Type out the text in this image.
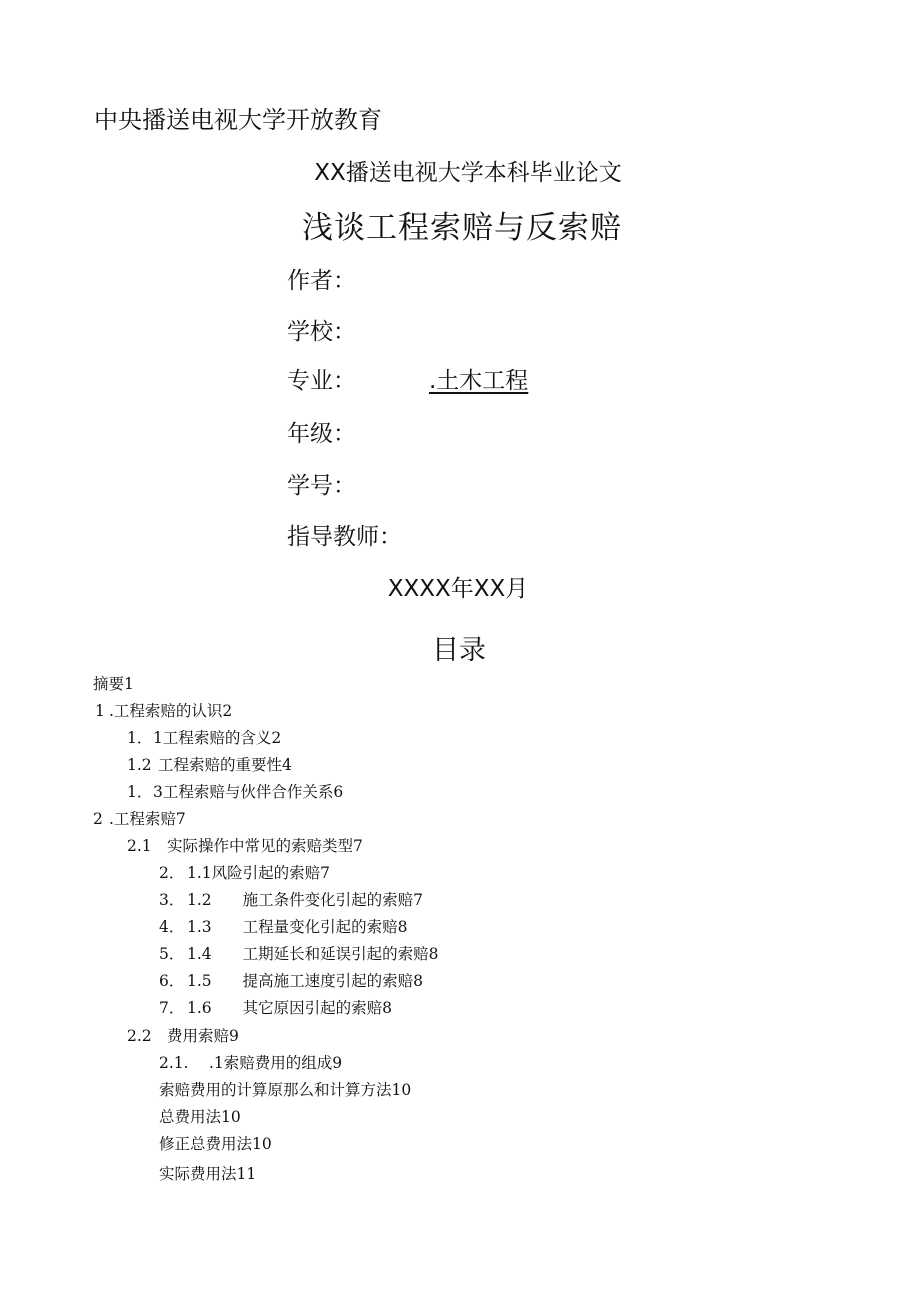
中央播送电视大学开放教育
XX播送电视大学本科毕业论文
浅谈工程索赔与反索赔
作者：
学校：
专业：	.土木工程
年级：
学号：
指导教师：
XXXX年XX月
目录
摘要1
1 .工程索赔的认识2
1．1工程索赔的含义2
1.2 工程索赔的重要性4
1．3工程索赔与伙伴合作关系6
2 .工程索赔7
2.1 实际操作中常见的索赔类型7
2． 1.1风险引起的索赔7
3． 1.2　　施工条件变化引起的索赔7
4． 1.3　　工程量变化引起的索赔8
5． 1.4　　工期延长和延误引起的索赔8
6． 1.5　　提高施工速度引起的索赔8
7． 1.6　　其它原因引起的索赔8
2.2 费用索赔9
2.1. .1索赔费用的组成9
索赔费用的计算原那么和计算方法10
总费用法10
修正总费用法10
实际费用法11
